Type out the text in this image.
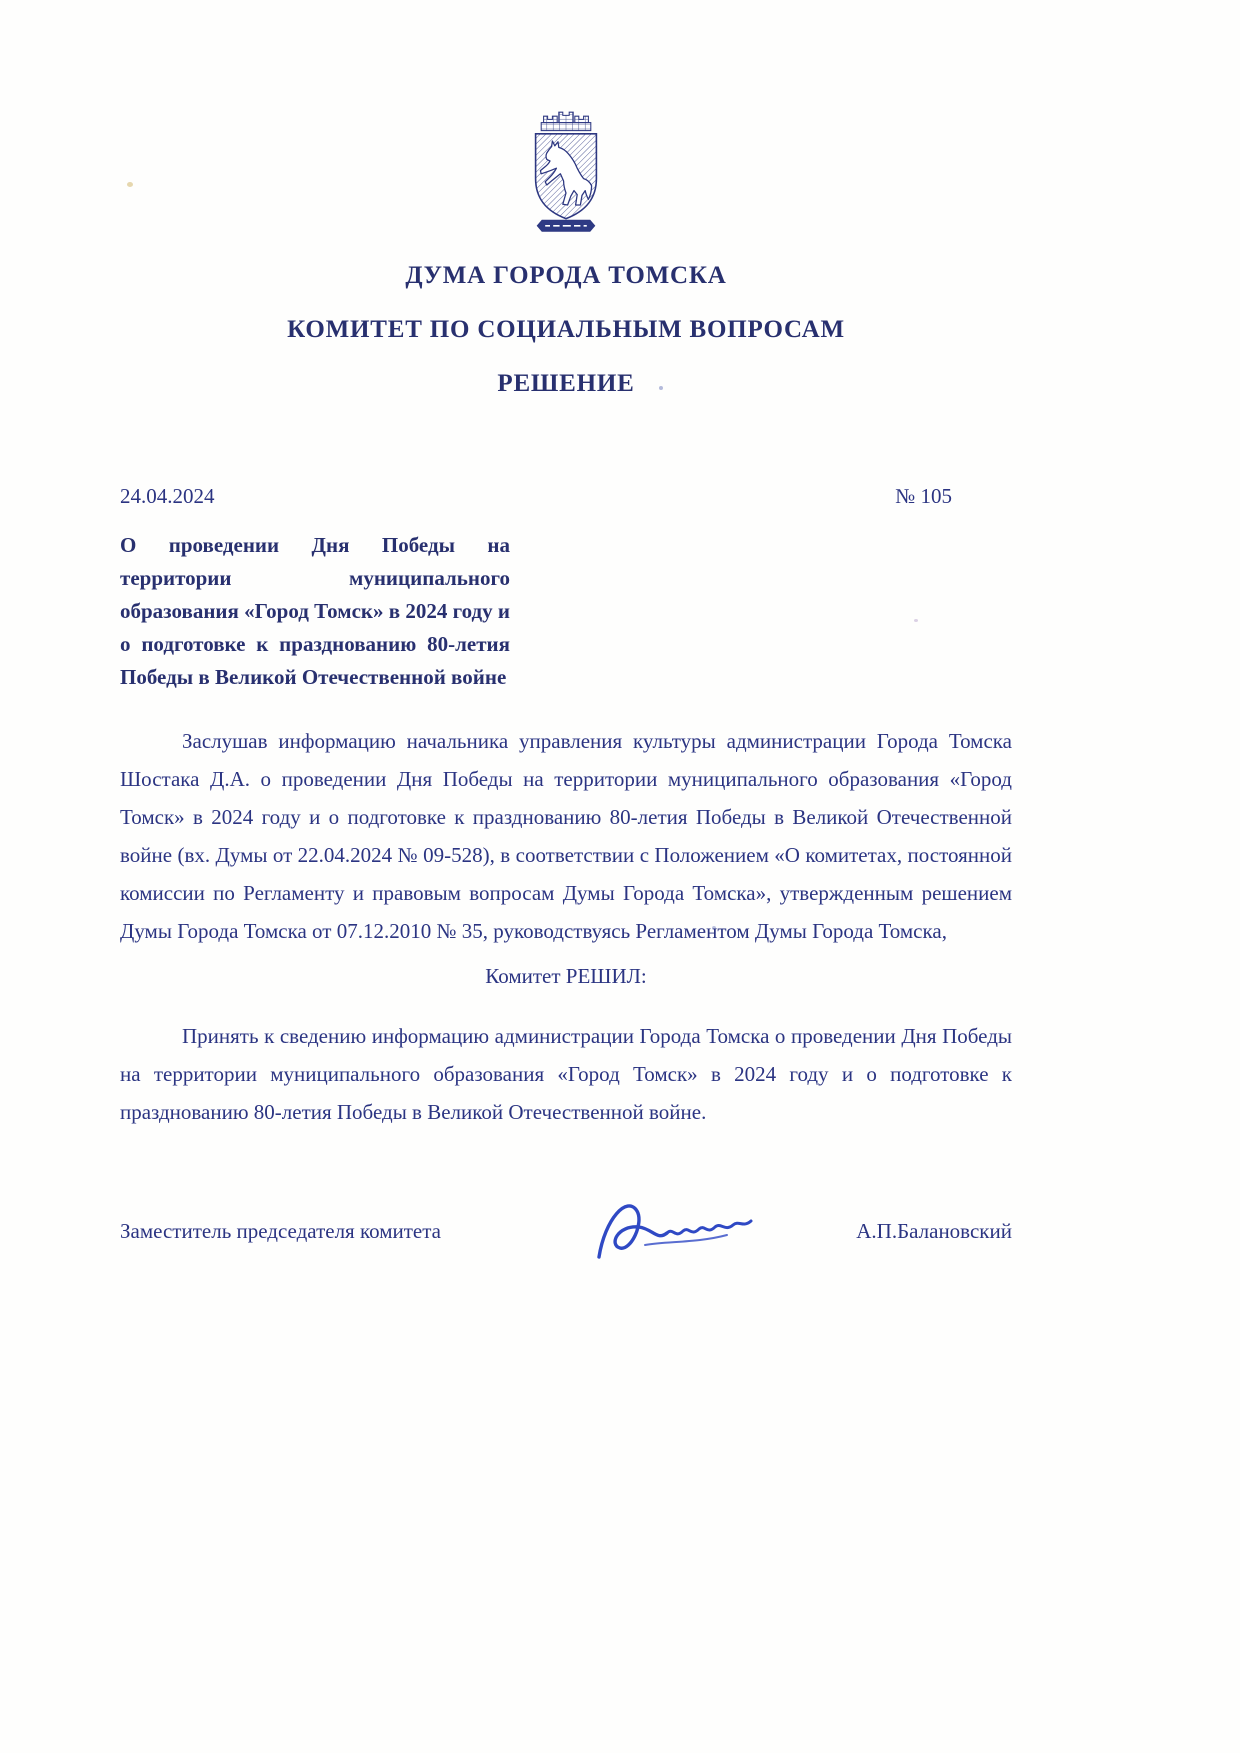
ДУМА ГОРОДА ТОМСКА
КОМИТЕТ ПО СОЦИАЛЬНЫМ ВОПРОСАМ
РЕШЕНИЕ
24.04.2024	№ 105
О проведении Дня Победы на территории муниципального образования «Город Томск» в 2024 году и о подготовке к празднованию 80-летия Победы в Великой Отечественной войне

Заслушав информацию начальника управления культуры администрации Города Томска Шостака Д.А. о проведении Дня Победы на территории муниципального образования «Город Томск» в 2024 году и о подготовке к празднованию 80-летия Победы в Великой Отечественной войне (вх. Думы от 22.04.2024 № 09-528), в соответствии с Положением «О комитетах, постоянной комиссии по Регламенту и правовым вопросам Думы Города Томска», утвержденным решением Думы Города Томска от 07.12.2010 № 35, руководствуясь Регламентом Думы Города Томска,

Комитет РЕШИЛ:

Принять к сведению информацию администрации Города Томска о проведении Дня Победы на территории муниципального образования «Город Томск» в 2024 году и о подготовке к празднованию 80-летия Победы в Великой Отечественной войне.

Заместитель председателя комитета	А.П.Балановский
